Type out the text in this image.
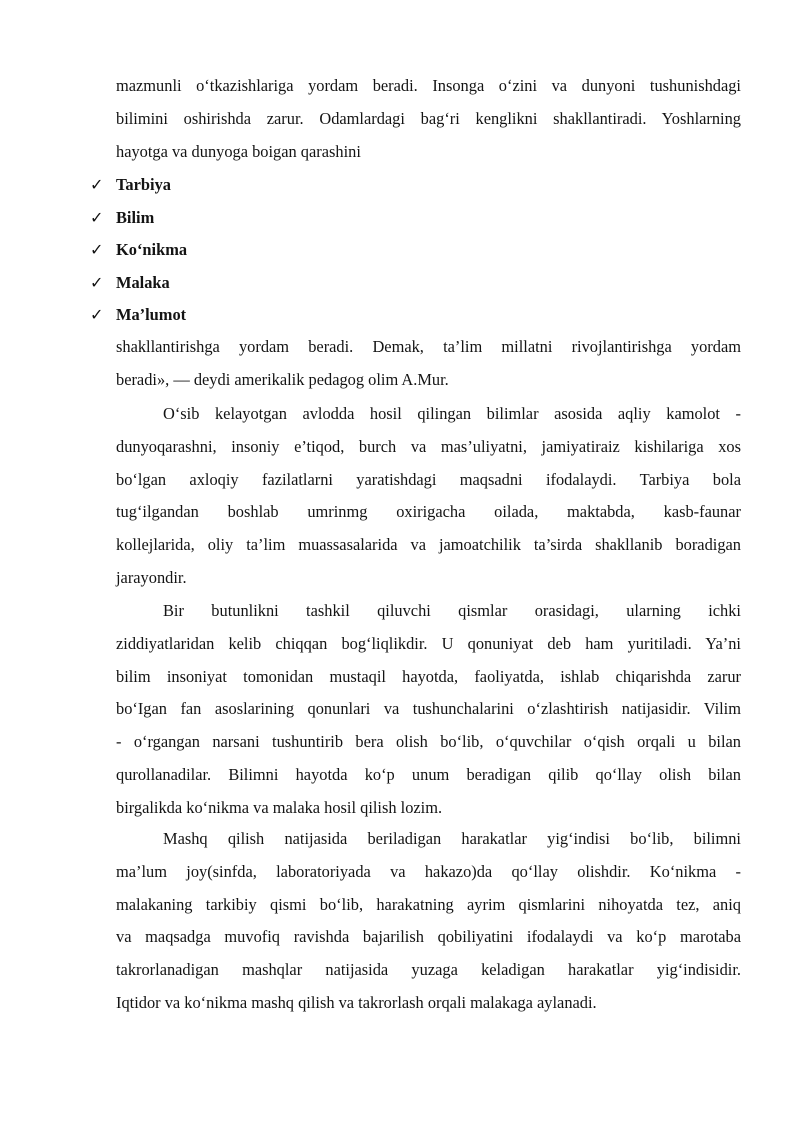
mazmunli o‘tkazishlariga yordam beradi. Insonga o‘zini va dunyoni tushunishdagi
bilimini oshirishda zarur. Odamlardagi bag‘ri kenglikni shakllantiradi. Yoshlarning
hayotga va dunyoga boigan qarashini
✓ Tarbiya
✓ Bilim
✓ Ko‘nikma
✓ Malaka
✓ Ma’lumot
shakllantirishga yordam beradi. Demak, ta’lim millatni rivojlantirishga yordam
beradi», — deydi amerikalik pedagog olim A.Mur.
O‘sib kelayotgan avlodda hosil qilingan bilimlar asosida aqliy kamolot -
dunyoqarashni, insoniy e’tiqod, burch va mas’uliyatni, jamiyatiraiz kishilariga xos
bo‘lgan axloqiy fazilatlarni yaratishdagi maqsadni ifodalaydi. Tarbiya bola
tug‘ilgandan boshlab umrinmg oxirigacha oilada, maktabda, kasb-faunar
kollejlarida, oliy ta’lim muassasalarida va jamoatchilik ta’sirda shakllanib boradigan
jarayondir.
Bir butunlikni tashkil qiluvchi qismlar orasidagi, ularning ichki
ziddiyatlaridan kelib chiqqan bog‘liqlikdir. U qonuniyat deb ham yuritiladi. Ya’ni
bilim insoniyat tomonidan mustaqil hayotda, faoliyatda, ishlab chiqarishda zarur
bo‘Igan fan asoslarining qonunlari va tushunchalarini o‘zlashtirish natijasidir. Vilim
- o‘rgangan narsani tushuntirib bera olish bo‘lib, o‘quvchilar o‘qish orqali u bilan
qurollanadilar. Bilimni hayotda ko‘p unum beradigan qilib qo‘llay olish bilan
birgalikda ko‘nikma va malaka hosil qilish lozim.
Mashq qilish natijasida beriladigan harakatlar yig‘indisi bo‘lib, bilimni
ma’lum joy(sinfda, laboratoriyada va hakazo)da qo‘llay olishdir. Ko‘nikma -
malakaning tarkibiy qismi bo‘lib, harakatning ayrim qismlarini nihoyatda tez, aniq
va maqsadga muvofiq ravishda bajarilish qobiliyatini ifodalaydi va ko‘p marotaba
takrorlanadigan mashqlar natijasida yuzaga keladigan harakatlar yig‘indisidir.
Iqtidor va ko‘nikma mashq qilish va takrorlash orqali malakaga aylanadi.
